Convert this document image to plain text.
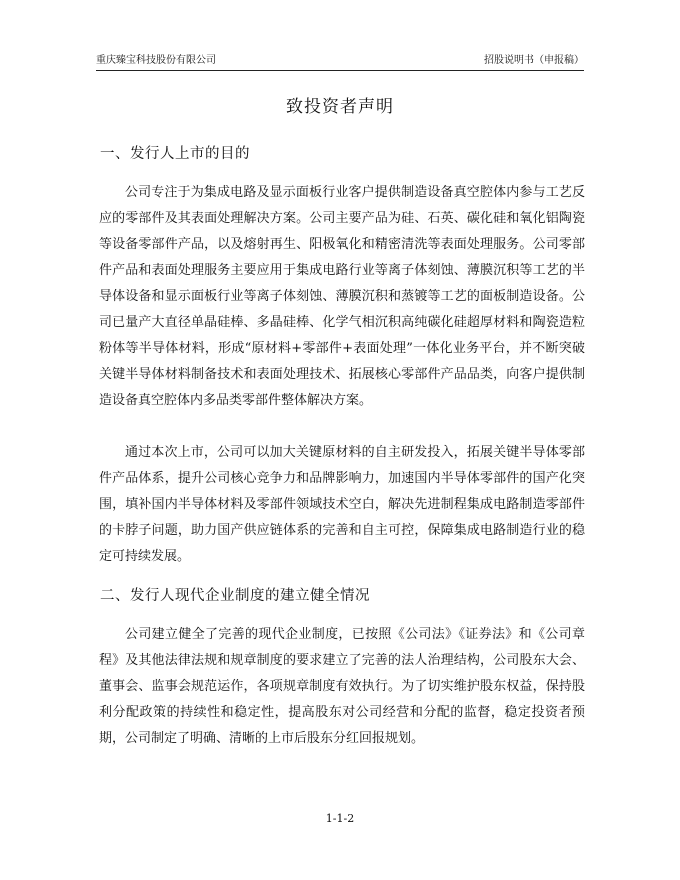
重庆臻宝科技股份有限公司	招股说明书（申报稿）
致投资者声明
一、发行人上市的目的

公司专注于为集成电路及显示面板行业客户提供制造设备真空腔体内参与工艺反应的零部件及其表面处理解决方案。公司主要产品为硅、石英、碳化硅和氧化铝陶瓷等设备零部件产品，以及熔射再生、阳极氧化和精密清洗等表面处理服务。公司零部件产品和表面处理服务主要应用于集成电路行业等离子体刻蚀、薄膜沉积等工艺的半导体设备和显示面板行业等离子体刻蚀、薄膜沉积和蒸镀等工艺的面板制造设备。公司已量产大直径单晶硅棒、多晶硅棒、化学气相沉积高纯碳化硅超厚材料和陶瓷造粒粉体等半导体材料，形成“原材料+零部件+表面处理”一体化业务平台，并不断突破关键半导体材料制备技术和表面处理技术、拓展核心零部件产品品类，向客户提供制造设备真空腔体内多品类零部件整体解决方案。

通过本次上市，公司可以加大关键原材料的自主研发投入，拓展关键半导体零部件产品体系，提升公司核心竞争力和品牌影响力，加速国内半导体零部件的国产化突围，填补国内半导体材料及零部件领域技术空白，解决先进制程集成电路制造零部件的卡脖子问题，助力国产供应链体系的完善和自主可控，保障集成电路制造行业的稳定可持续发展。

二、发行人现代企业制度的建立健全情况

公司建立健全了完善的现代企业制度，已按照《公司法》《证券法》和《公司章程》及其他法律法规和规章制度的要求建立了完善的法人治理结构，公司股东大会、董事会、监事会规范运作，各项规章制度有效执行。为了切实维护股东权益，保持股利分配政策的持续性和稳定性，提高股东对公司经营和分配的监督，稳定投资者预期，公司制定了明确、清晰的上市后股东分红回报规划。

1-1-2
